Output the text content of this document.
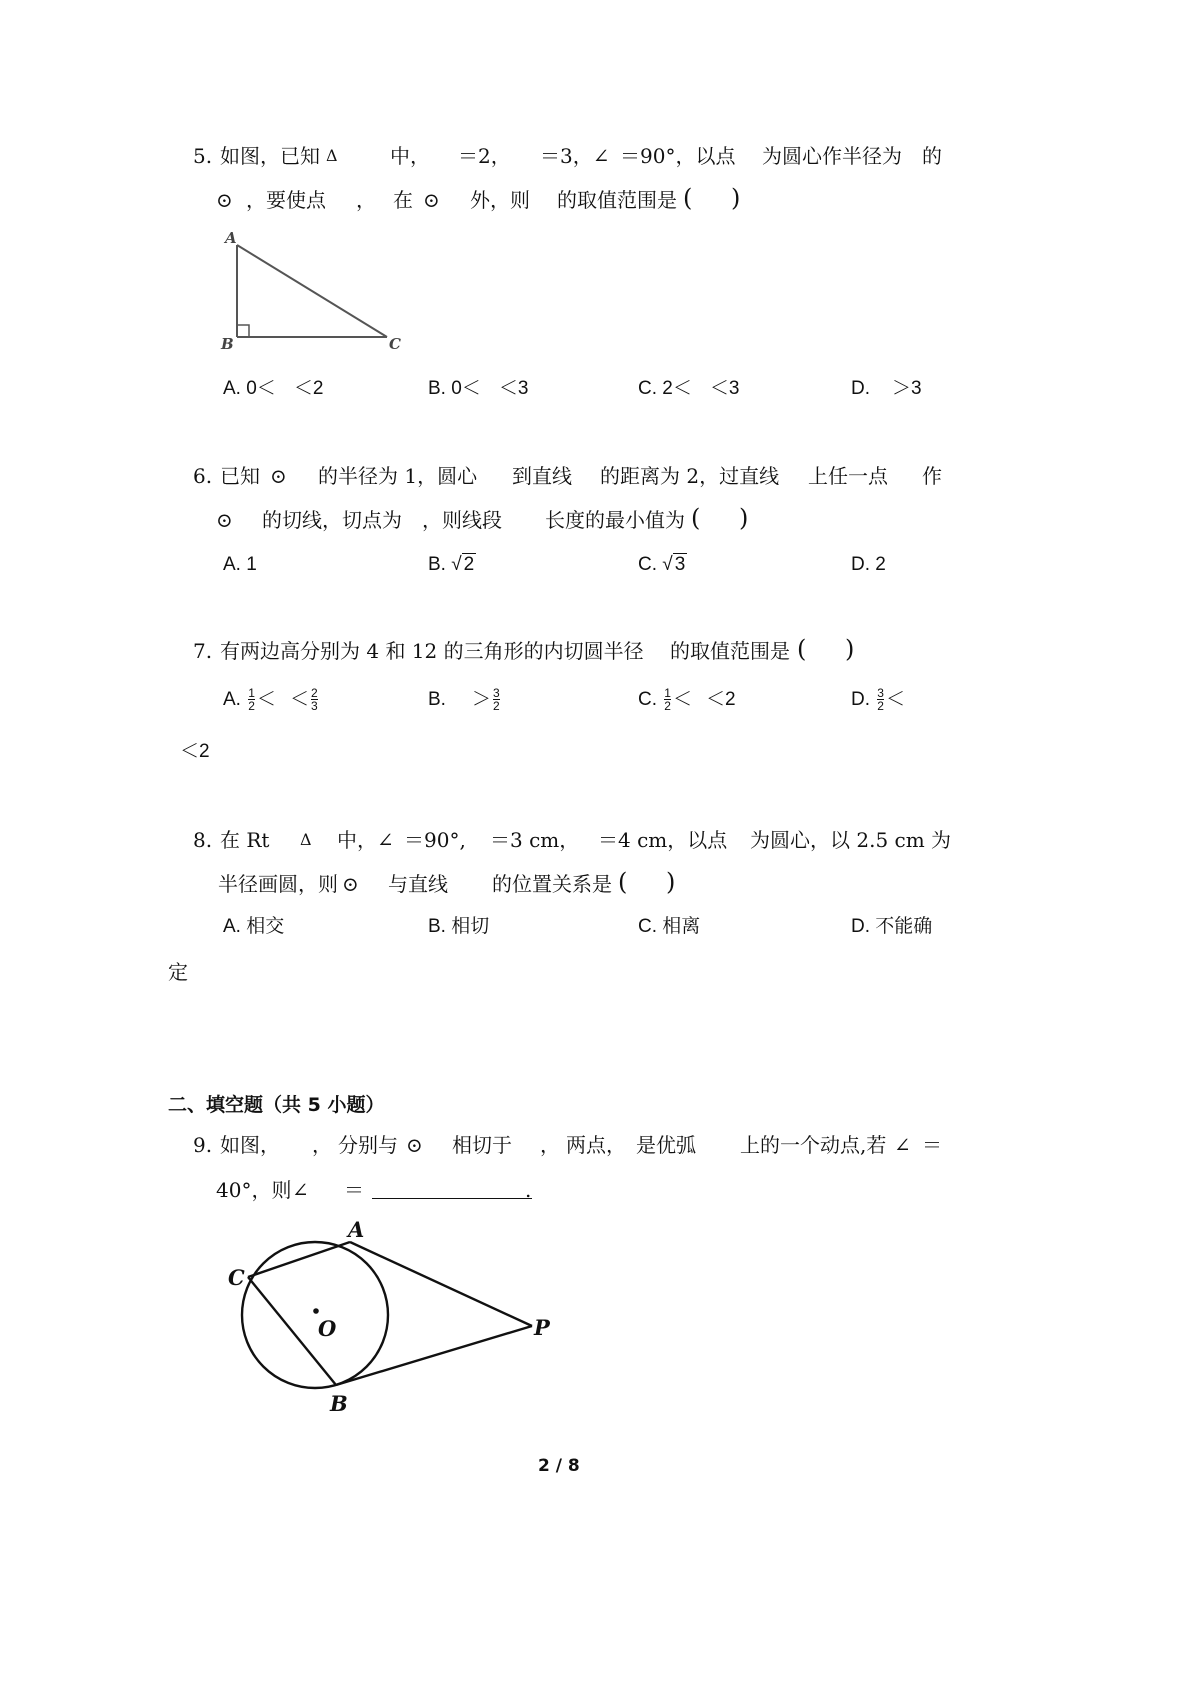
5. 如图，已知 Δ	中， ＝2， ＝3，∠ ＝90°，以点 为圆心作半径为 的
⊙ ，要使点 ， 在 ⊙ 外，则 的取值范围是 ( )
A
B	C
A. 0＜ ＜2	B. 0＜ ＜3	C. 2＜ ＜3	D. ＞3
6. 已知 ⊙ 的半径为 1，圆心 到直线 的距离为 2，过直线 上任一点 作
⊙ 的切线，切点为 ，则线段 长度的最小值为 ( )
A. 1	B. √ 2	C. √ 3	D. 2
7. 有两边高分别为 4 和 12 的三角形的内切圆半径 的取值范围是 ( )
A. $\frac{1}{2}$ ＜ ＜ $\frac{2}{3}$	B. ＞ $\frac{3}{2}$	C. $\frac{1}{2} < <2$	D. $\frac{3}{2}$ ＜
＜2
8. 在 Rt Δ 中，∠ ＝90°, ＝3 cm， ＝4 cm，以点 为圆心，以 2.5 cm 为
半径画圆，则 ⊙ 与直线 的位置关系是 ( )
A. 相交	B. 相切	C. 相离	D. 不能确
定
二、填空题（共 5 小题）
9. 如图， ， 分别与 ⊙ 相切于 ， 两点， 是优弧 上的一个动点,若 ∠ ＝
40°，则 ∠ ＝	.
A
C
O	P
B
2 / 8
